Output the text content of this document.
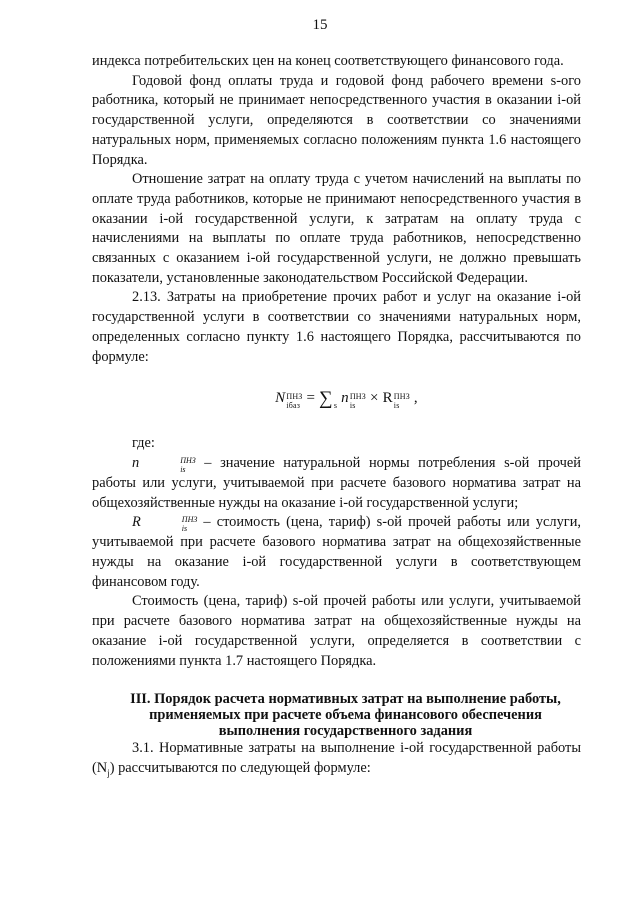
15

индекса потребительских цен на конец соответствующего финансового года.

Годовой фонд оплаты труда и годовой фонд рабочего времени s-ого работника, который не принимает непосредственного участия в оказании i-ой государственной услуги, определяются в соответствии со значениями натуральных норм, применяемых согласно положениям пункта 1.6 настоящего Порядка.

Отношение затрат на оплату труда с учетом начислений на выплаты по оплате труда работников, которые не принимают непосредственного участия в оказании i-ой государственной услуги, к затратам на оплату труда с начислениями на выплаты по оплате труда работников, непосредственно связанных с оказанием i-ой государственной услуги, не должно превышать показатели, установленные законодательством Российской Федерации.

2.13. Затраты на приобретение прочих работ и услуг на оказание i-ой государственной услуги в соответствии со значениями натуральных норм, определенных согласно пункту 1.6 настоящего Порядка, рассчитываются по формуле:

N ПНЗ
iбаз = ∑
s n ПНЗ
is × R ПНЗ
is ,

где:

n	ПНЗ
is – значение натуральной нормы потребления s-ой прочей работы или услуги, учитываемой при расчете базового норматива затрат на общехозяйственные нужды на оказание i-ой государственной услуги;

R	ПНЗ
is – стоимость (цена, тариф) s-ой прочей работы или услуги, учитываемой при расчете базового норматива затрат на общехозяйственные нужды на оказание i-ой государственной услуги в соответствующем финансовом году.

Стоимость (цена, тариф) s-ой прочей работы или услуги, учитываемой при расчете базового норматива затрат на общехозяйственные нужды на оказание i-ой государственной услуги, определяется в соответствии с положениями пункта 1.7 настоящего Порядка.

III. Порядок расчета нормативных затрат на выполнение работы, применяемых при расчете объема финансового обеспечения выполнения государственного задания

3.1. Нормативные затраты на выполнение i-ой государственной работы $(N_j)$ рассчитываются по следующей формуле:
